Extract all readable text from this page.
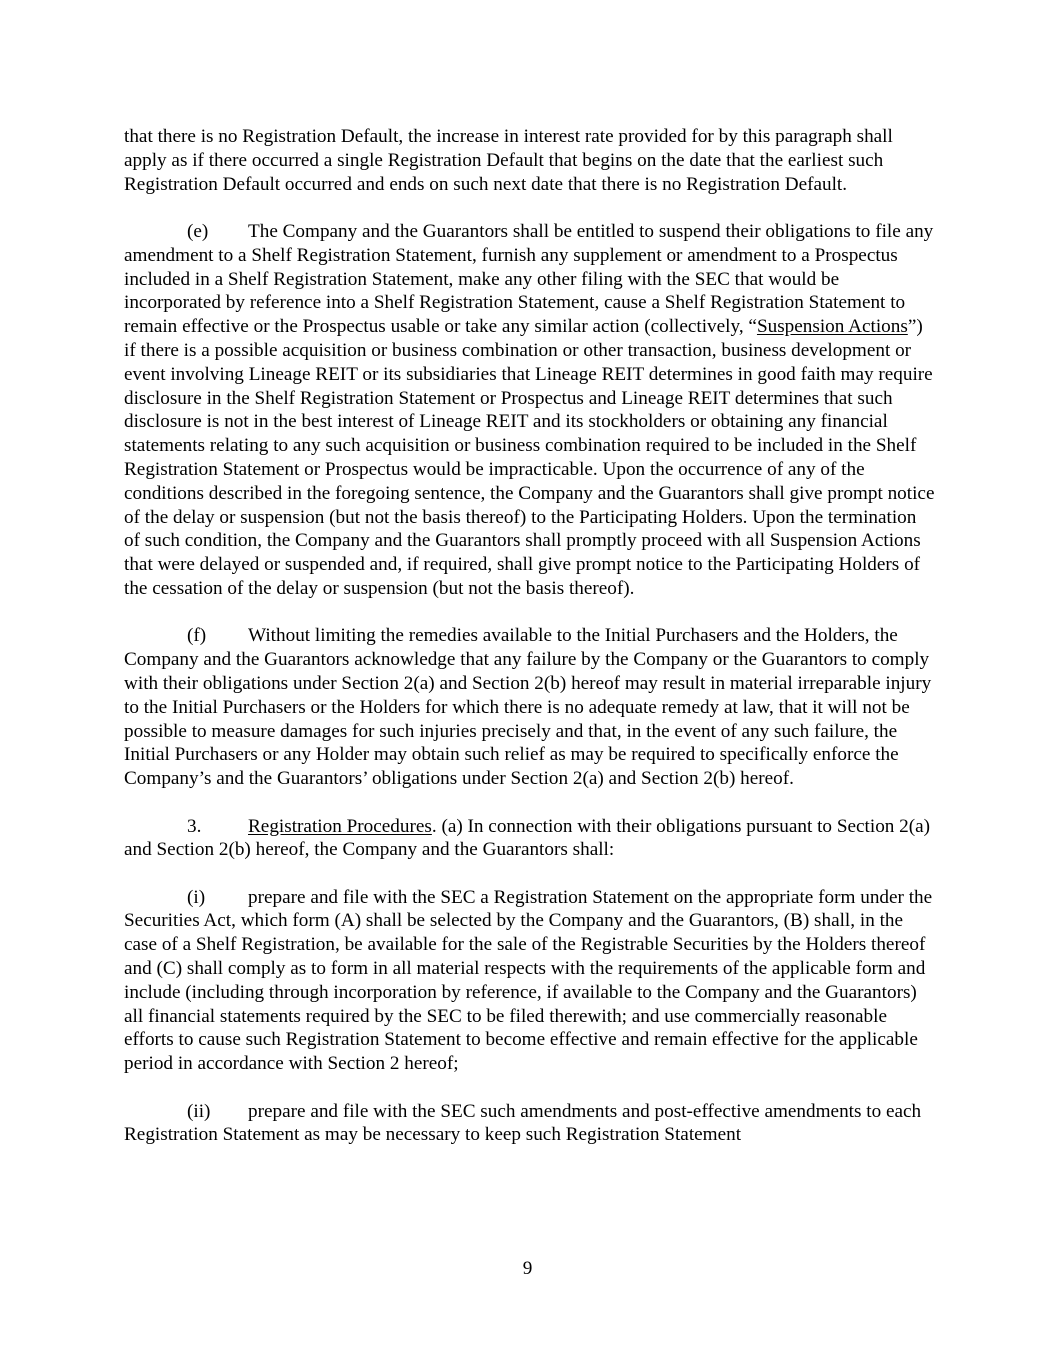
that there is no Registration Default, the increase in interest rate provided for by this paragraph shall apply as if there occurred a single Registration Default that begins on the date that the earliest such Registration Default occurred and ends on such next date that there is no Registration Default.

(e) The Company and the Guarantors shall be entitled to suspend their obligations to file any amendment to a Shelf Registration Statement, furnish any supplement or amendment to a Prospectus included in a Shelf Registration Statement, make any other filing with the SEC that would be incorporated by reference into a Shelf Registration Statement, cause a Shelf Registration Statement to remain effective or the Prospectus usable or take any similar action (collectively, “Suspension Actions”) if there is a possible acquisition or business combination or other transaction, business development or event involving Lineage REIT or its subsidiaries that Lineage REIT determines in good faith may require disclosure in the Shelf Registration Statement or Prospectus and Lineage REIT determines that such disclosure is not in the best interest of Lineage REIT and its stockholders or obtaining any financial statements relating to any such acquisition or business combination required to be included in the Shelf Registration Statement or Prospectus would be impracticable. Upon the occurrence of any of the conditions described in the foregoing sentence, the Company and the Guarantors shall give prompt notice of the delay or suspension (but not the basis thereof) to the Participating Holders. Upon the termination of such condition, the Company and the Guarantors shall promptly proceed with all Suspension Actions that were delayed or suspended and, if required, shall give prompt notice to the Participating Holders of the cessation of the delay or suspension (but not the basis thereof).

(f) Without limiting the remedies available to the Initial Purchasers and the Holders, the Company and the Guarantors acknowledge that any failure by the Company or the Guarantors to comply with their obligations under Section 2(a) and Section 2(b) hereof may result in material irreparable injury to the Initial Purchasers or the Holders for which there is no adequate remedy at law, that it will not be possible to measure damages for such injuries precisely and that, in the event of any such failure, the Initial Purchasers or any Holder may obtain such relief as may be required to specifically enforce the Company’s and the Guarantors’ obligations under Section 2(a) and Section 2(b) hereof.

3. Registration Procedures. (a) In connection with their obligations pursuant to Section 2(a) and Section 2(b) hereof, the Company and the Guarantors shall:

(i) prepare and file with the SEC a Registration Statement on the appropriate form under the Securities Act, which form (A) shall be selected by the Company and the Guarantors, (B) shall, in the case of a Shelf Registration, be available for the sale of the Registrable Securities by the Holders thereof and (C) shall comply as to form in all material respects with the requirements of the applicable form and include (including through incorporation by reference, if available to the Company and the Guarantors) all financial statements required by the SEC to be filed therewith; and use commercially reasonable efforts to cause such Registration Statement to become effective and remain effective for the applicable period in accordance with Section 2 hereof;

(ii) prepare and file with the SEC such amendments and post-effective amendments to each Registration Statement as may be necessary to keep such Registration Statement

9
